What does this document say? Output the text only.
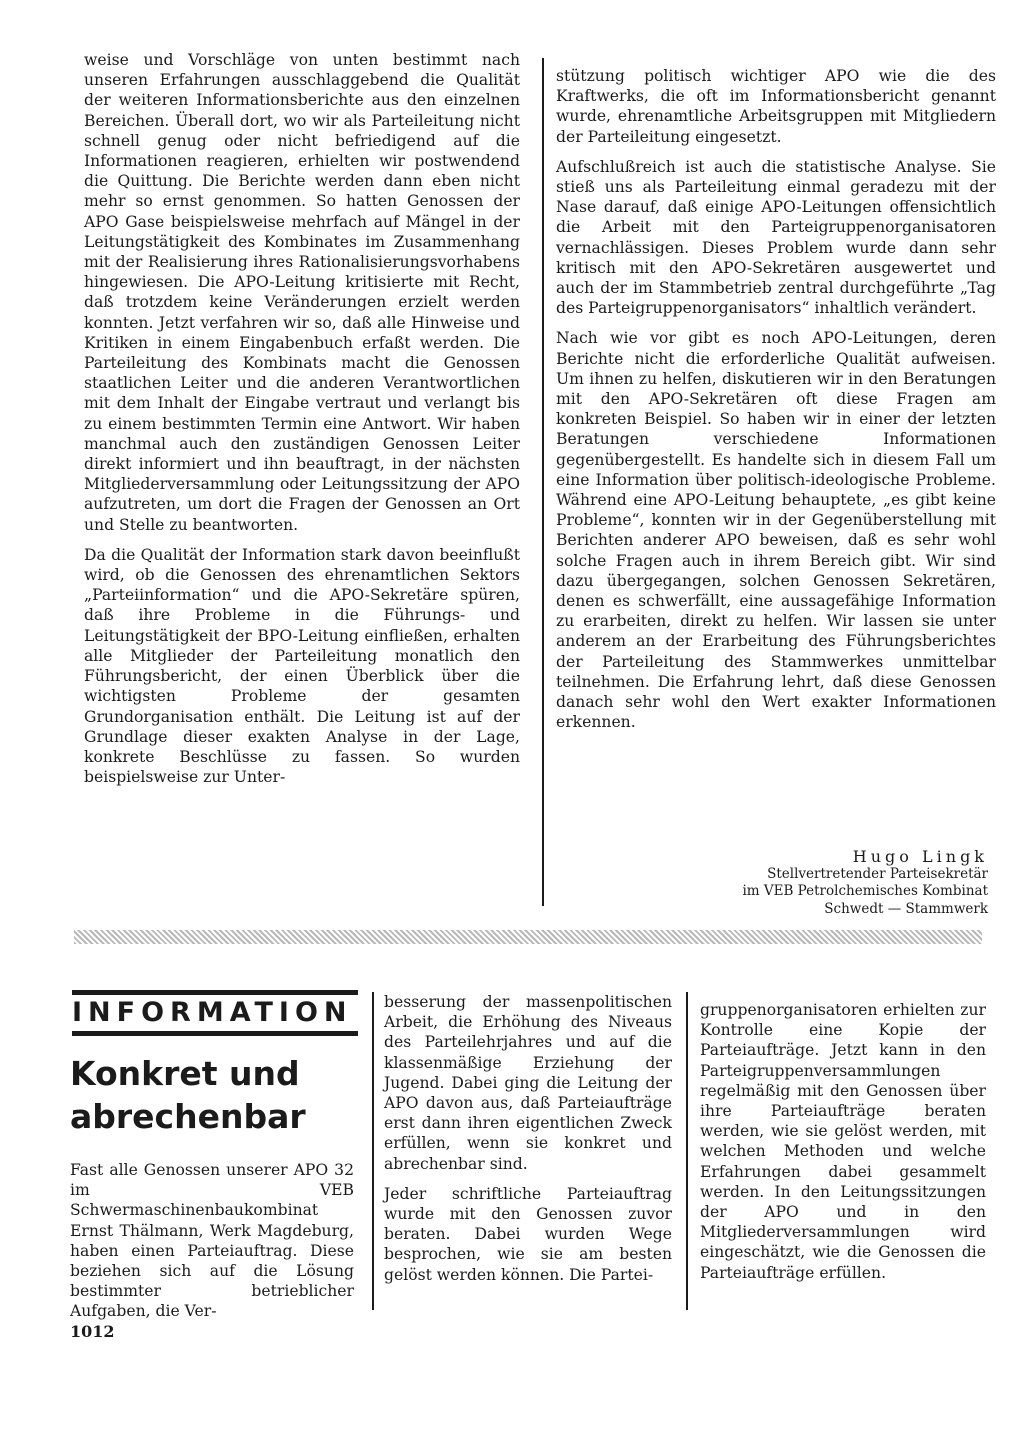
weise und Vorschläge von unten bestimmt nach unseren Erfahrungen ausschlaggebend die Qualität der weiteren Informationsberichte aus den einzelnen Bereichen. Überall dort, wo wir als Parteileitung nicht schnell genug oder nicht befriedigend auf die Informationen reagieren, erhielten wir postwendend die Quittung. Die Berichte werden dann eben nicht mehr so ernst genommen. So hatten Genossen der APO Gase beispielsweise mehrfach auf Mängel in der Leitungstätigkeit des Kombinates im Zusammenhang mit der Realisierung ihres Rationalisierungsvorhabens hingewiesen. Die APO-Leitung kritisierte mit Recht, daß trotzdem keine Veränderungen erzielt werden konnten. Jetzt verfahren wir so, daß alle Hinweise und Kritiken in einem Eingabenbuch erfaßt werden. Die Parteileitung des Kombinats macht die Genossen staatlichen Leiter und die anderen Verantwortlichen mit dem Inhalt der Eingabe vertraut und verlangt bis zu einem bestimmten Termin eine Antwort. Wir haben manchmal auch den zuständigen Genossen Leiter direkt informiert und ihn beauftragt, in der nächsten Mitgliederversammlung oder Leitungssitzung der APO aufzutreten, um dort die Fragen der Genossen an Ort und Stelle zu beantworten.

Da die Qualität der Information stark davon beeinflußt wird, ob die Genossen des ehrenamtlichen Sektors „Parteiinformation“ und die APO-Sekretäre spüren, daß ihre Probleme in die Führungs- und Leitungstätigkeit der BPO-Leitung einfließen, erhalten alle Mitglieder der Parteileitung monatlich den Führungsbericht, der einen Überblick über die wichtigsten Probleme der gesamten Grundorganisation enthält. Die Leitung ist auf der Grundlage dieser exakten Analyse in der Lage, konkrete Beschlüsse zu fassen. So wurden beispielsweise zur Unter-

stützung politisch wichtiger APO wie die des Kraftwerks, die oft im Informationsbericht genannt wurde, ehrenamtliche Arbeitsgruppen mit Mitgliedern der Parteileitung eingesetzt.

Aufschlußreich ist auch die statistische Analyse. Sie stieß uns als Parteileitung einmal geradezu mit der Nase darauf, daß einige APO-Leitungen offensichtlich die Arbeit mit den Parteigruppenorganisatoren vernachlässigen. Dieses Problem wurde dann sehr kritisch mit den APO-Sekretären ausgewertet und auch der im Stammbetrieb zentral durchgeführte „Tag des Parteigruppenorganisators“ inhaltlich verändert.

Nach wie vor gibt es noch APO-Leitungen, deren Berichte nicht die erforderliche Qualität aufweisen. Um ihnen zu helfen, diskutieren wir in den Beratungen mit den APO-Sekretären oft diese Fragen am konkreten Beispiel. So haben wir in einer der letzten Beratungen verschiedene Informationen gegenübergestellt. Es handelte sich in diesem Fall um eine Information über politisch-ideologische Probleme. Während eine APO-Leitung behauptete, „es gibt keine Probleme“, konnten wir in der Gegenüberstellung mit Berichten anderer APO beweisen, daß es sehr wohl solche Fragen auch in ihrem Bereich gibt. Wir sind dazu übergegangen, solchen Genossen Sekretären, denen es schwerfällt, eine aussagefähige Information zu erarbeiten, direkt zu helfen. Wir lassen sie unter anderem an der Erarbeitung des Führungsberichtes der Parteileitung des Stammwerkes unmittelbar teilnehmen. Die Erfahrung lehrt, daß diese Genossen danach sehr wohl den Wert exakter Informationen erkennen.

Hugo Lingk
Stellvertretender Parteisekretär
im VEB Petrolchemisches Kombinat
Schwedt — Stammwerk
INFORMATION
Konkret und abrechenbar

Fast alle Genossen unserer APO 32 im VEB Schwermaschinenbaukombinat Ernst Thälmann, Werk Magdeburg, haben einen Parteiauftrag. Diese beziehen sich auf die Lösung bestimmter betrieblicher Aufgaben, die Ver-

besserung der massenpolitischen Arbeit, die Erhöhung des Niveaus des Parteilehrjahres und auf die klassenmäßige Erziehung der Jugend. Dabei ging die Leitung der APO davon aus, daß Parteiaufträge erst dann ihren eigentlichen Zweck erfüllen, wenn sie konkret und abrechenbar sind.

Jeder schriftliche Parteiauftrag wurde mit den Genossen zuvor beraten. Dabei wurden Wege besprochen, wie sie am besten gelöst werden können. Die Partei-

gruppenorganisatoren erhielten zur Kontrolle eine Kopie der Parteiaufträge. Jetzt kann in den Parteigruppenversammlungen regelmäßig mit den Genossen über ihre Parteiaufträge beraten werden, wie sie gelöst werden, mit welchen Methoden und welche Erfahrungen dabei gesammelt werden. In den Leitungssitzungen der APO und in den Mitgliederversammlungen wird eingeschätzt, wie die Genossen die Parteiaufträge erfüllen.

1012
